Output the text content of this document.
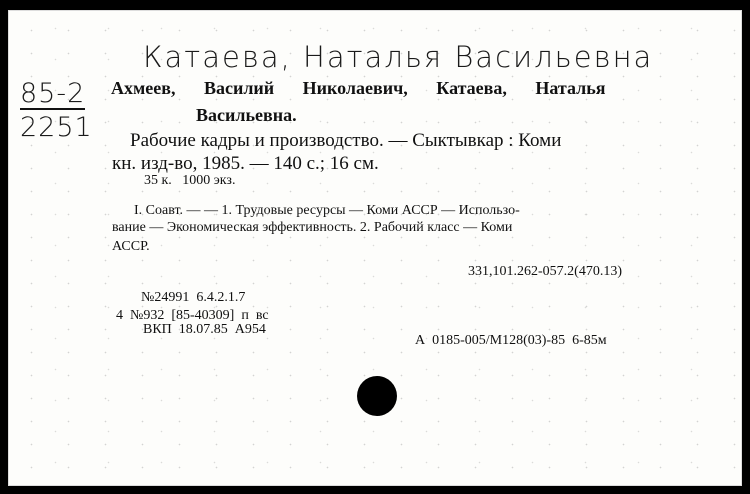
Катаева, Наталья Васильевна
85-2
2251
Ахмеев, Василий Николаевич, Катаева, Наталья
Васильевна.
Рабочие кадры и производство. — Сыктывкар : Коми
кн. изд-во, 1985. — 140 с.; 16 см.
35 к.   1000 экз.
I. Соавт. — — 1. Трудовые ресурсы — Коми АССР — Использо-
вание — Экономическая эффективность. 2. Рабочий класс — Коми
АССР.
331,101.262-057.2(470.13)
№24991  6.4.2.1.7
4  №932  [85-40309]  п  вс
ВКП  18.07.85  А954
А  0185-005/М128(03)-85  6-85м
